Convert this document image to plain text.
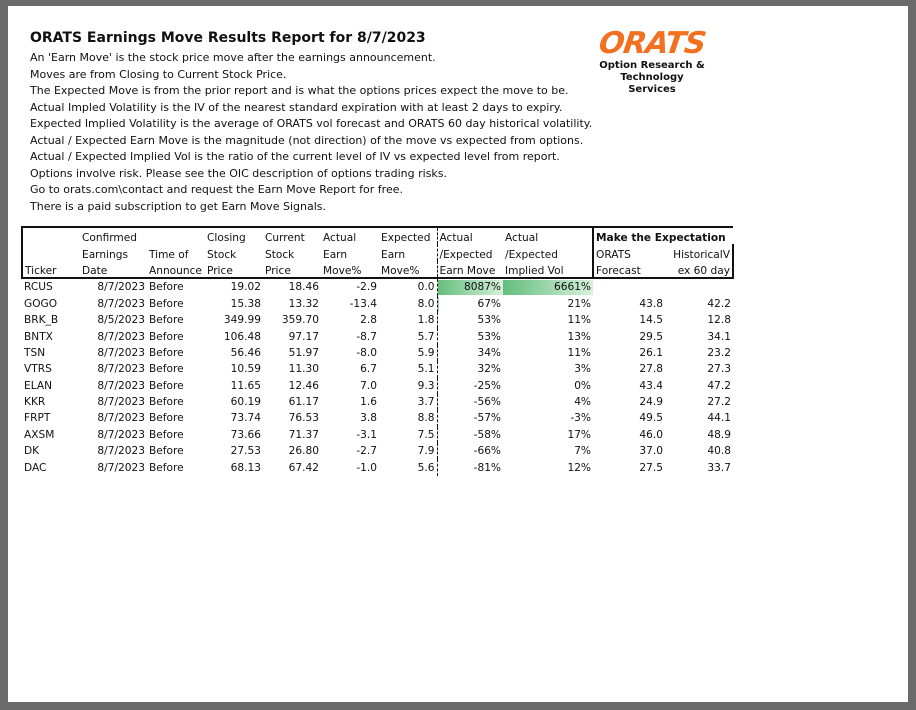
ORATS Earnings Move Results Report for 8/7/2023
An 'Earn Move' is the stock price move after the earnings announcement.
Moves are from Closing to Current Stock Price.
The Expected Move is from the prior report and is what the options prices expect the move to be.
Actual Impled Volatility is the IV of the nearest standard expiration with at least 2 days to expiry.
Expected Implied Volatility is the average of ORATS vol forecast and ORATS 60 day historical volatility.
Actual / Expected Earn Move is the magnitude (not direction) of the move vs expected from options.
Actual / Expected Implied Vol is the ratio of the current level of IV vs expected level from report.
Options involve risk. Please see the OIC description of options trading risks.
Go to orats.com\contact and request the Earn Move Report for free.
There is a paid subscription to get Earn Move Signals.
ORATS
Option Research &
Technology Services
	Confirmed		Closing	Current	Actual	Expected	Actual	Actual	Make the Expectation	
	Earnings	Time of	Stock	Stock	Earn	Earn	/Expected	/Expected	ORATS	HistoricalV
Ticker	Date	Announce	Price	Price	Move%	Move%	Earn Move	Implied Vol	Forecast	ex 60 day
RCUS	8/7/2023	Before	19.02	18.46	-2.9	0.0	8087%	6661%		
GOGO	8/7/2023	Before	15.38	13.32	-13.4	8.0	67%	21%	43.8	42.2
BRK_B	8/5/2023	Before	349.99	359.70	2.8	1.8	53%	11%	14.5	12.8
BNTX	8/7/2023	Before	106.48	97.17	-8.7	5.7	53%	13%	29.5	34.1
TSN	8/7/2023	Before	56.46	51.97	-8.0	5.9	34%	11%	26.1	23.2
VTRS	8/7/2023	Before	10.59	11.30	6.7	5.1	32%	3%	27.8	27.3
ELAN	8/7/2023	Before	11.65	12.46	7.0	9.3	-25%	0%	43.4	47.2
KKR	8/7/2023	Before	60.19	61.17	1.6	3.7	-56%	4%	24.9	27.2
FRPT	8/7/2023	Before	73.74	76.53	3.8	8.8	-57%	-3%	49.5	44.1
AXSM	8/7/2023	Before	73.66	71.37	-3.1	7.5	-58%	17%	46.0	48.9
DK	8/7/2023	Before	27.53	26.80	-2.7	7.9	-66%	7%	37.0	40.8
DAC	8/7/2023	Before	68.13	67.42	-1.0	5.6	-81%	12%	27.5	33.7
